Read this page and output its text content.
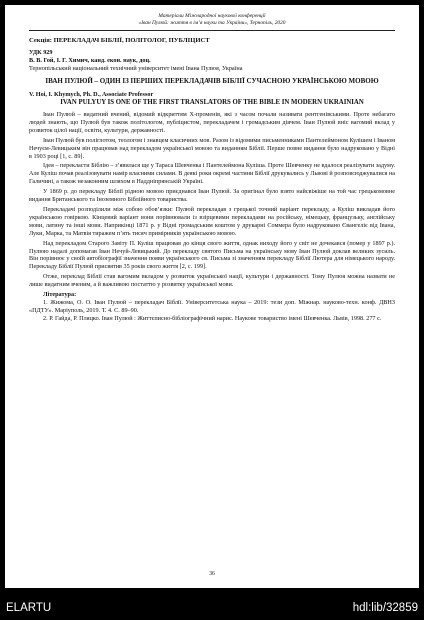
Матеріали Міжнародної наукової конференції
«Іван Пулюй: життя в ім’я науки та України», Тернопіль, 2020
Секція: ПЕРЕКЛАДАЧ БІБЛІЇ, ПОЛІТОЛОГ, ПУБЛІЦИСТ
УДК 929
В. В. Гой, І. Г. Химич, канд. екон. наук, доц.
Тернопільський національний технічний університет імені Івана Пулюя, Україна
ІВАН ПУЛЮЙ – ОДИН ІЗ ПЕРШИХ ПЕРЕКЛАДАЧІВ БІБЛІЇ СУЧАСНОЮ УКРАЇНСЬКОЮ МОВОЮ
V. Hoi, I. Khymych, Ph. D., Associate Professor
IVAN PULYUY IS ONE OF THE FIRST TRANSLATORS OF THE BIBLE IN MODERN UKRAINIAN

Іван Пулюй – видатний вчений, відомий відкриттям Х-променів, які з часом почали називати рентгенівськими. Проте небагато людей знають, що Пулюй був також політологом, публіцистом, перекладачем і громадським діячем. Іван Пулюй вніс вагомий вклад у розвиток цілої нації, освіти, культури, державності.

Іван Пулюй був поліглотом, теологом і знавцем класичних мов. Разом із відомими письменниками Пантелеймоном Кулішем і Іваном Нечуєм-Левицьким він працював над перекладом української мовою та виданням Біблії. Перше повне видання було надруковано у Відні в 1903 році [1, с. 89].

Ідея – перекласти Біблію – з’явилася ще у Тараса Шевченка і Пантелеймона Куліша. Проте Шевченку не вдалося реалізувати задуму. Але Куліш почав реалізовувати намір власними силами. В деякі роки окремі частини Біблії друкувались у Львові й розповсюджувалися на Галичині, а також незаконним шляхом в Наддніпрянській Україні.

У 1869 р. до перекладу Біблії рідною мовою приєднався Іван Пулюй. За оригінал було взято найсвіжіше на той час грецькомовне видання Британського та Іноземного Біблійного товариства.

Перекладачі розподілили між собою обов’язки: Пулюй перекладав з грецької точний варіант перекладу, а Куліш викладав його українською говіркою. Кінцевий варіант вони порівнювали із взірцевими перекладами на російську, німецьку, французьку, англійську мови, латину та інші мови. Наприкінці 1871 р. у Відні громадським коштом у друкарні Соммера було надруковано Євангеліє від Івана, Луки, Марка, та Матвія тиражем п’ять тисяч примірників українською мовою.

Над перекладом Старого Завіту П. Куліш працював до кінця свого життя, однак виходу його у світ не дочекався (помер у 1897 р.). Пулюю надалі допомагав Іван Нечуй-Левицький. До перекладу святого Письма на українську мову Іван Пулюй доклав великих зусиль. Він порівнює у своїй автобіографії значення появи українського св. Письма зі значенням перекладу Біблії Лютера для німецького народу. Перекладу Біблії Пулюй присвятив 35 років свого життя [2, с. 199].

Отже, переклад Біблії став вагомим вкладом у розвиток української нації, культури і державності. Тому Пулюя можна назвати не лише видатним вченим, а й важливою постаттю у розвитку української мови.

Література:

1. Жижома, О. О. Іван Пулюй – перекладач Біблії. Університетська наука – 2019: тези доп. Міжнар. науково-техн. конф. ДВНЗ «ПДТУ». Маріуполь, 2019. Т. 4. С. 89–90.

2. Р. Гайда, Р. Пляцко. Іван Пулюй : Життєписно-бібліографічний нарис. Наукове товариство імені Шевченка. Львів, 1998. 277 с.

36
ELARTU	hdl:lib/32859
